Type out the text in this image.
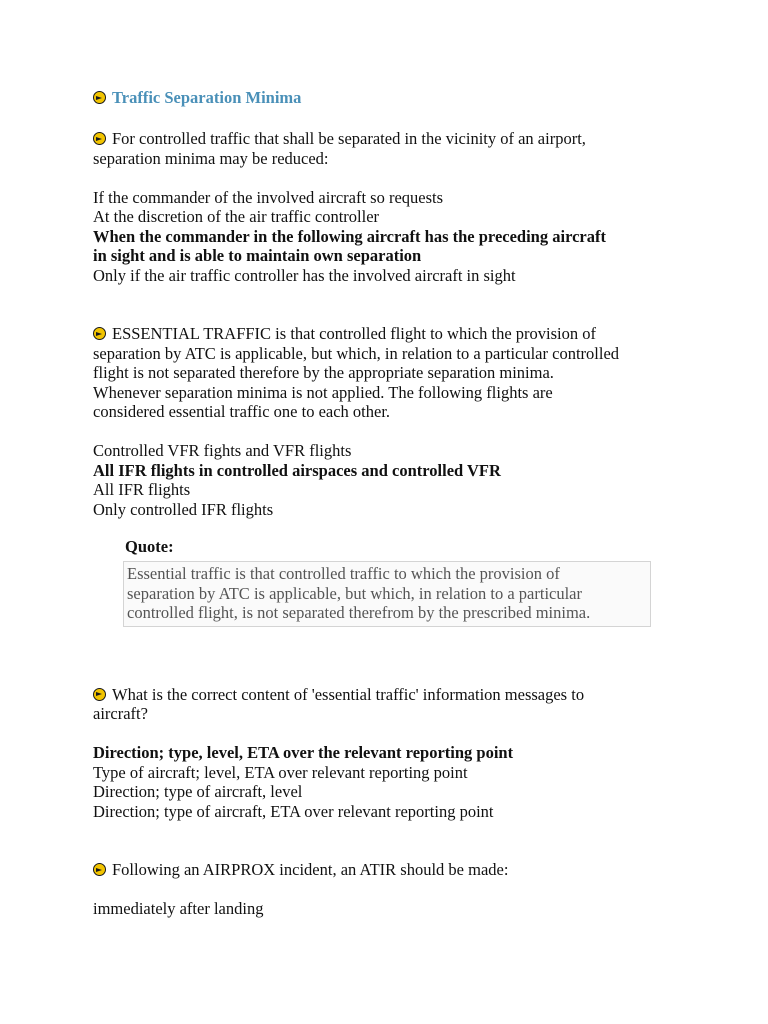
Traffic Separation Minima
For controlled traffic that shall be separated in the vicinity of an airport,
separation minima may be reduced:
If the commander of the involved aircraft so requests
At the discretion of the air traffic controller
When the commander in the following aircraft has the preceding aircraft
in sight and is able to maintain own separation
Only if the air traffic controller has the involved aircraft in sight
ESSENTIAL TRAFFIC is that controlled flight to which the provision of
separation by ATC is applicable, but which, in relation to a particular controlled
flight is not separated therefore by the appropriate separation minima.
Whenever separation minima is not applied. The following flights are
considered essential traffic one to each other.
Controlled VFR fights and VFR flights
All IFR flights in controlled airspaces and controlled VFR
All IFR flights
Only controlled IFR flights
Quote:
Essential traffic is that controlled traffic to which the provision of
separation by ATC is applicable, but which, in relation to a particular
controlled flight, is not separated therefrom by the prescribed minima.
What is the correct content of 'essential traffic' information messages to
aircraft?
Direction; type, level, ETA over the relevant reporting point
Type of aircraft; level, ETA over relevant reporting point
Direction; type of aircraft, level
Direction; type of aircraft, ETA over relevant reporting point
Following an AIRPROX incident, an ATIR should be made:
immediately after landing
